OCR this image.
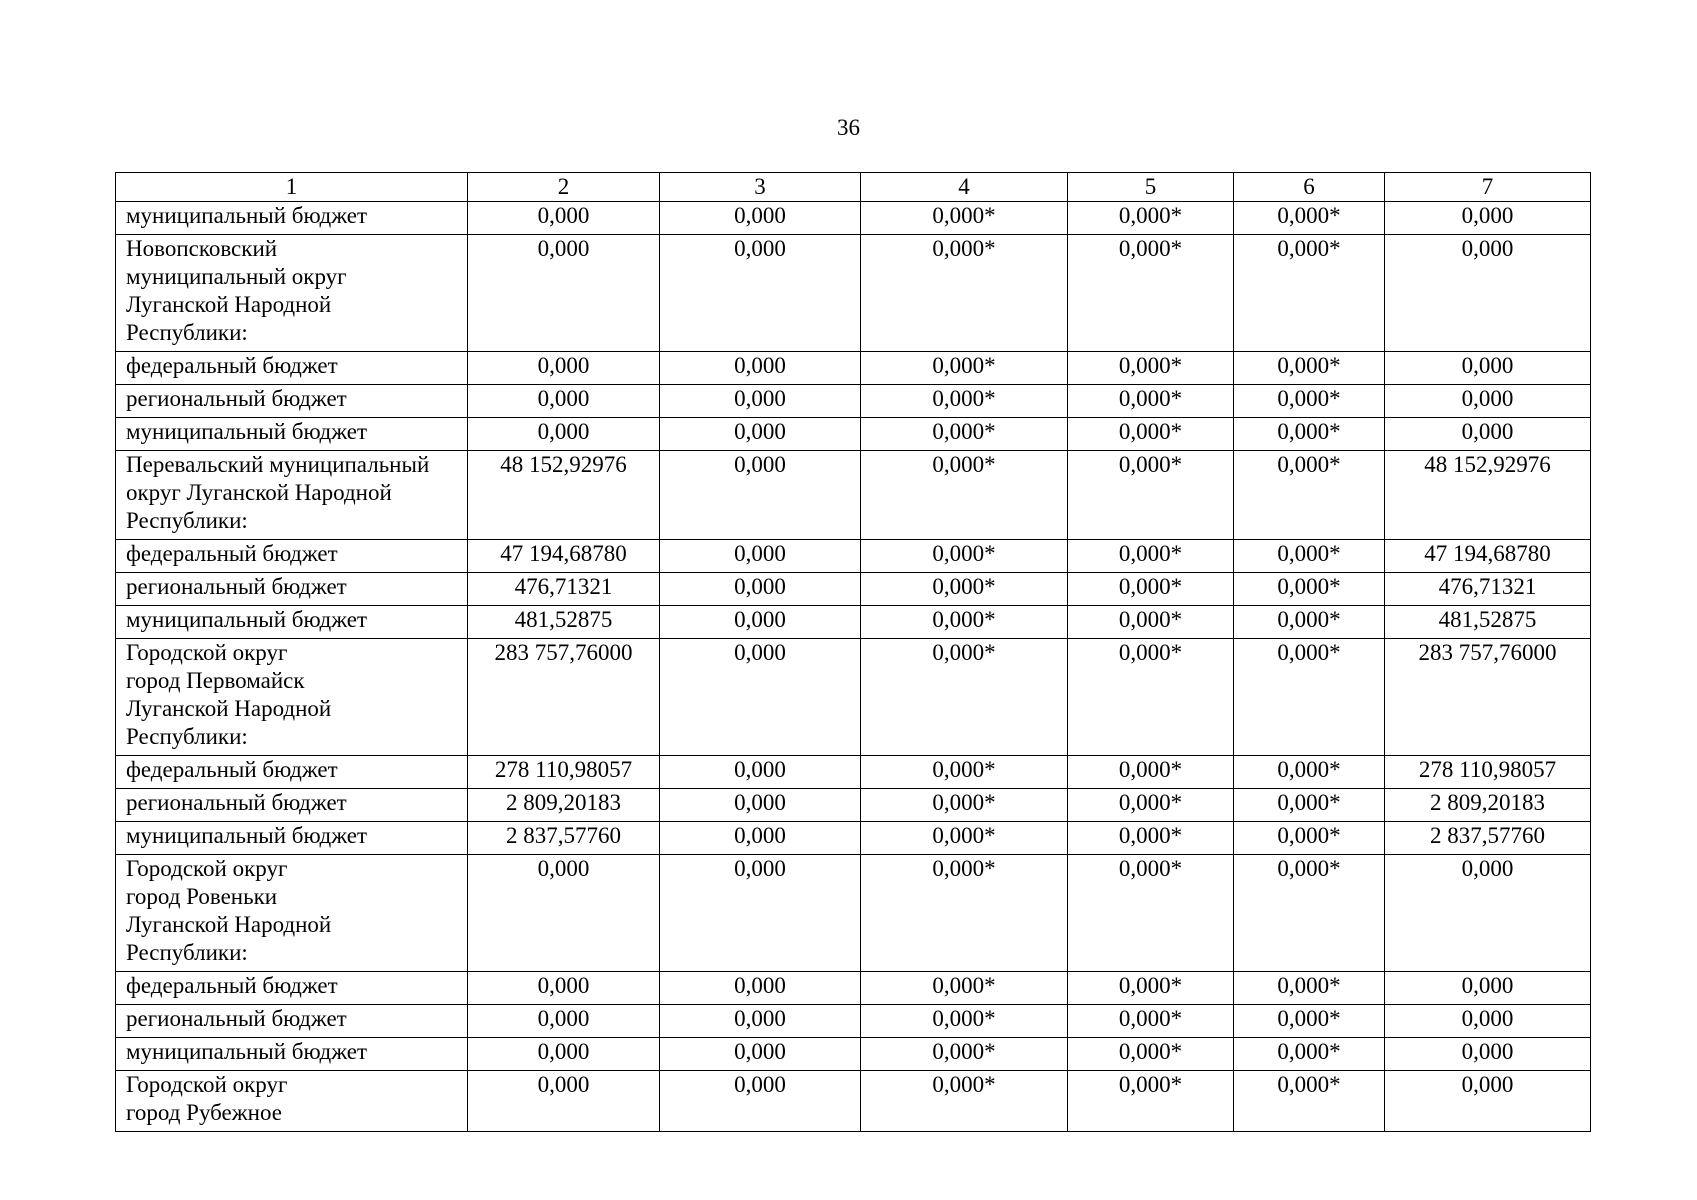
36
1	2	3	4	5	6	7
муниципальный бюджет	0,000	0,000	0,000*	0,000*	0,000*	0,000
Новопсковский
муниципальный округ
Луганской Народной
Республики:	0,000	0,000	0,000*	0,000*	0,000*	0,000
федеральный бюджет	0,000	0,000	0,000*	0,000*	0,000*	0,000
региональный бюджет	0,000	0,000	0,000*	0,000*	0,000*	0,000
муниципальный бюджет	0,000	0,000	0,000*	0,000*	0,000*	0,000
Перевальский муниципальный
округ Луганской Народной
Республики:	48 152,92976	0,000	0,000*	0,000*	0,000*	48 152,92976
федеральный бюджет	47 194,68780	0,000	0,000*	0,000*	0,000*	47 194,68780
региональный бюджет	476,71321	0,000	0,000*	0,000*	0,000*	476,71321
муниципальный бюджет	481,52875	0,000	0,000*	0,000*	0,000*	481,52875
Городской округ
город Первомайск
Луганской Народной
Республики:	283 757,76000	0,000	0,000*	0,000*	0,000*	283 757,76000
федеральный бюджет	278 110,98057	0,000	0,000*	0,000*	0,000*	278 110,98057
региональный бюджет	2 809,20183	0,000	0,000*	0,000*	0,000*	2 809,20183
муниципальный бюджет	2 837,57760	0,000	0,000*	0,000*	0,000*	2 837,57760
Городской округ
город Ровеньки
Луганской Народной
Республики:	0,000	0,000	0,000*	0,000*	0,000*	0,000
федеральный бюджет	0,000	0,000	0,000*	0,000*	0,000*	0,000
региональный бюджет	0,000	0,000	0,000*	0,000*	0,000*	0,000
муниципальный бюджет	0,000	0,000	0,000*	0,000*	0,000*	0,000
Городской округ
город Рубежное	0,000	0,000	0,000*	0,000*	0,000*	0,000
